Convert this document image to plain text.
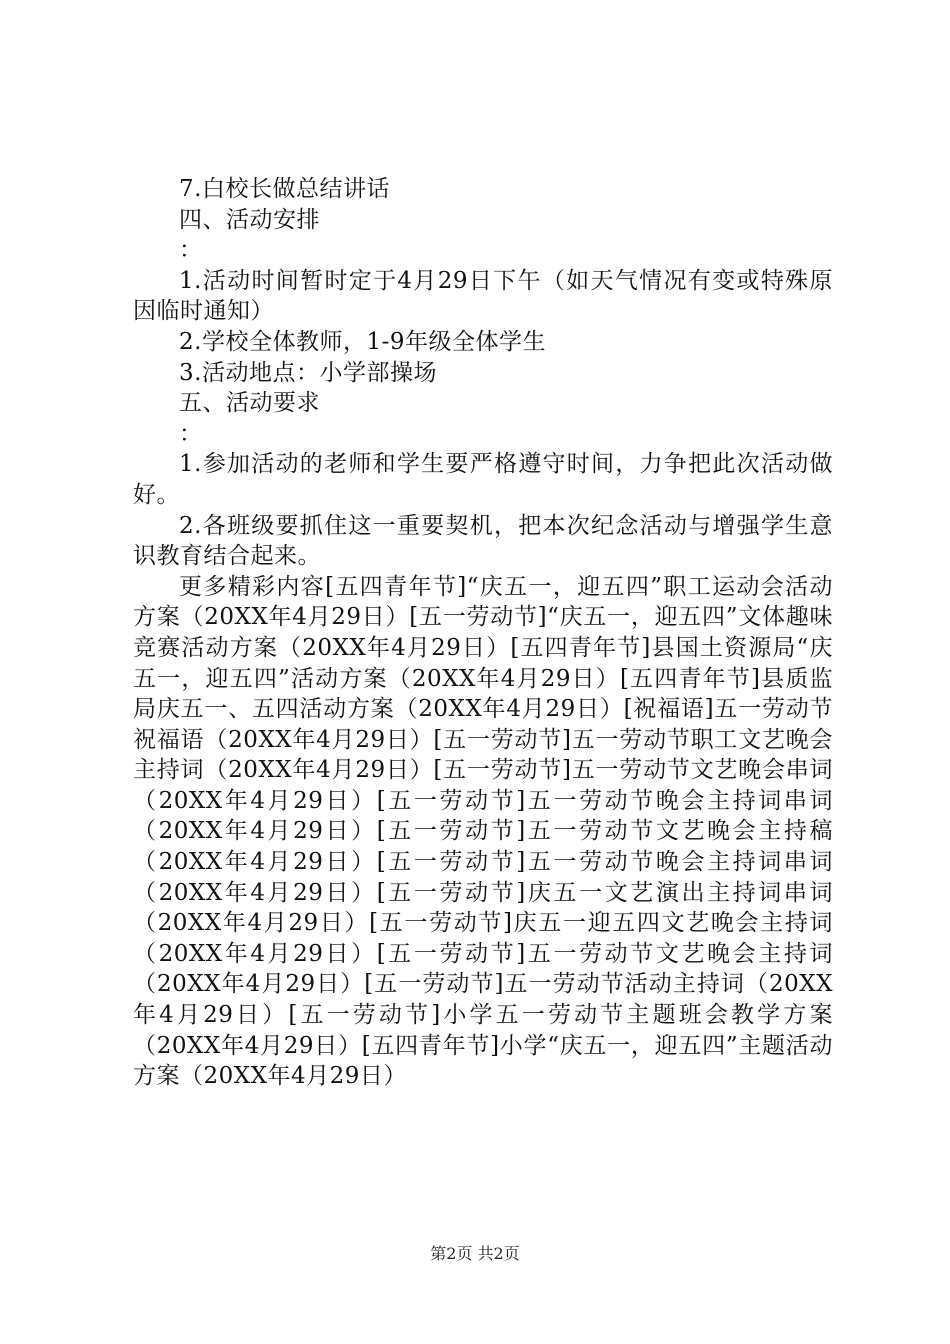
7.白校长做总结讲话

四、活动安排

：

1.活动时间暂时定于4月29日下午（如天气情况有变或特殊原因临时通知）

2.学校全体教师，1-9年级全体学生

3.活动地点：小学部操场

五、活动要求

：

1.参加活动的老师和学生要严格遵守时间，力争把此次活动做好。

2.各班级要抓住这一重要契机，把本次纪念活动与增强学生意识教育结合起来。

更多精彩内容[五四青年节]“庆五一，迎五四”职工运动会活动方案（20XX年4月29日）[五一劳动节]“庆五一，迎五四”文体趣味竞赛活动方案（20XX年4月29日）[五四青年节]县国土资源局“庆五一，迎五四”活动方案（20XX年4月29日）[五四青年节]县质监局庆五一、五四活动方案（20XX年4月29日）[祝福语]五一劳动节祝福语（20XX年4月29日）[五一劳动节]五一劳动节职工文艺晚会主持词（20XX年4月29日）[五一劳动节]五一劳动节文艺晚会串词（20XX年4月29日）[五一劳动节]五一劳动节晚会主持词串词（20XX年4月29日）[五一劳动节]五一劳动节文艺晚会主持稿（20XX年4月29日）[五一劳动节]五一劳动节晚会主持词串词（20XX年4月29日）[五一劳动节]庆五一文艺演出主持词串词（20XX年4月29日）[五一劳动节]庆五一迎五四文艺晚会主持词（20XX年4月29日）[五一劳动节]五一劳动节文艺晚会主持词（20XX年4月29日）[五一劳动节]五一劳动节活动主持词（20XX年4月29日）[五一劳动节]小学五一劳动节主题班会教学方案（20XX年4月29日）[五四青年节]小学“庆五一，迎五四”主题活动方案（20XX年4月29日）

第2页 共2页
